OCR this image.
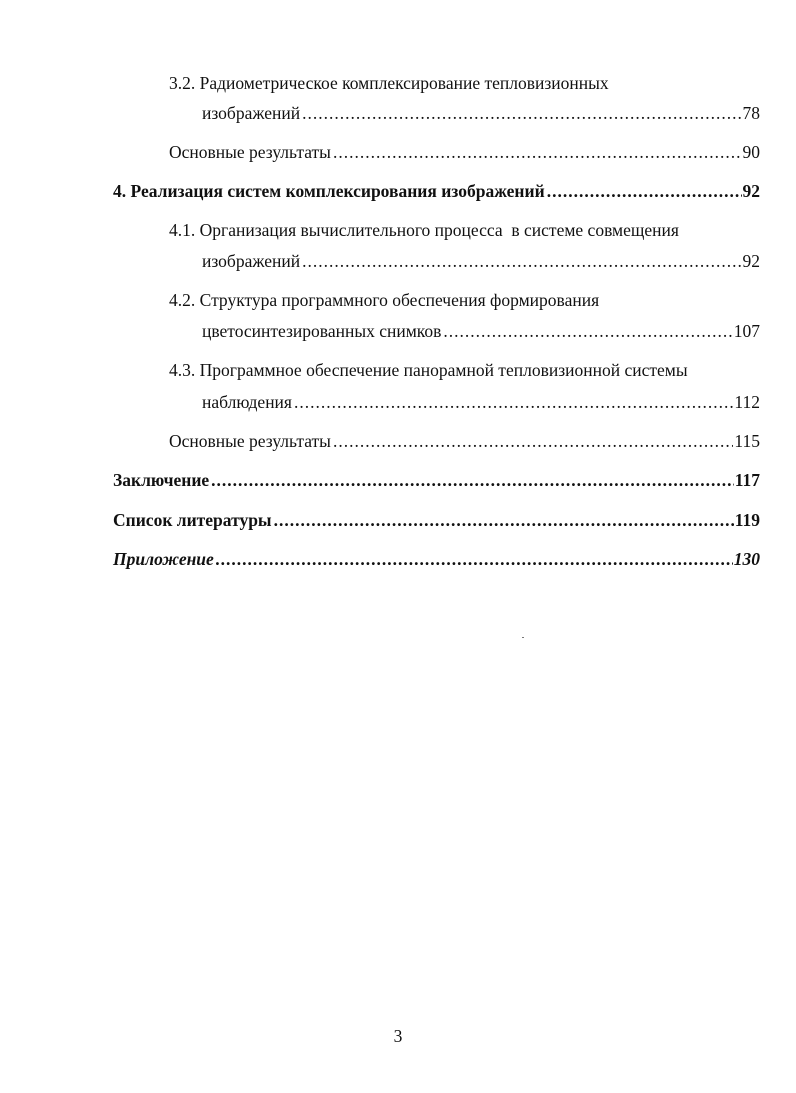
3.2. Радиометрическое комплексирование тепловизионных
изображений .....	78
Основные результаты .....	90
4. Реализация систем комплексирования изображений .....	92
4.1. Организация вычислительного процесса  в системе совмещения
изображений .....	92
4.2. Структура программного обеспечения формирования
цветосинтезированных снимков .....	107
4.3. Программное обеспечение панорамной тепловизионной системы
наблюдения .....	112
Основные результаты .....	115
Заключение .....	117
Список литературы .....	119
Приложение .....	130
3
